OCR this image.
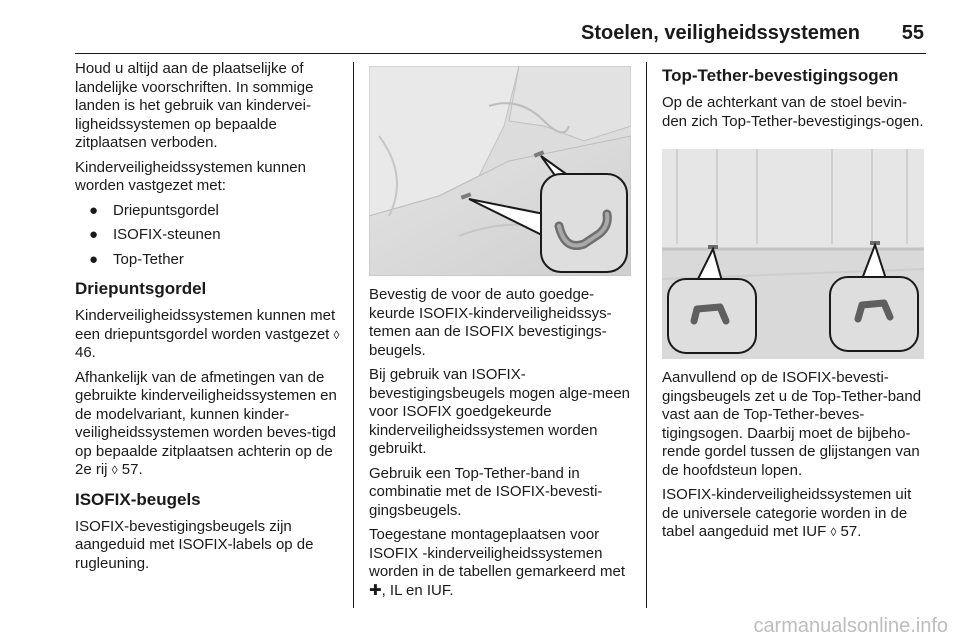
Stoelen, veiligheidssystemen	55

Houd u altijd aan de plaatselijke of landelijke voorschriften. In sommige landen is het gebruik van kindervei‐ligheidssystemen op bepaalde zitplaatsen verboden.

Kinderveiligheidssystemen kunnen worden vastgezet met:

● Driepuntsgordel
● ISOFIX-steunen
● Top-Tether
Driepuntsgordel

Kinderveiligheidssystemen kunnen met een driepuntsgordel worden vastgezet ◊ 46.

Afhankelijk van de afmetingen van de gebruikte kinderveiligheidssystemen en de modelvariant, kunnen kinder‐veiligheidssystemen worden beves‐tigd op bepaalde zitplaatsen achterin op de 2e rij ◊ 57.

ISOFIX-beugels

ISOFIX-bevestigingsbeugels zijn aangeduid met ISOFIX-labels op de rugleuning.

Bevestig de voor de auto goedge‐keurde ISOFIX-kinderveiligheidssys‐temen aan de ISOFIX bevestigings‐beugels.

Bij gebruik van ISOFIX-bevestigingsbeugels mogen alge‐meen voor ISOFIX goedgekeurde kinderveiligheidssystemen worden gebruikt.

Gebruik een Top-Tether-band in combinatie met de ISOFIX-bevesti‐gingsbeugels.

Toegestane montageplaatsen voor ISOFIX -kinderveiligheidssystemen worden in de tabellen gemarkeerd met ✚, IL en IUF.

Top-Tether-bevestigingsogen

Op de achterkant van de stoel bevin‐den zich Top-Tether-bevestigings‐ogen.

Aanvullend op de ISOFIX-bevesti‐gingsbeugels zet u de Top-Tether-band vast aan de Top-Tether-beves‐tigingsogen. Daarbij moet de bijbeho‐rende gordel tussen de glijstangen van de hoofdsteun lopen.

ISOFIX-kinderveiligheidssystemen uit de universele categorie worden in de tabel aangeduid met IUF ◊ 57.

carmanualsonline.info
